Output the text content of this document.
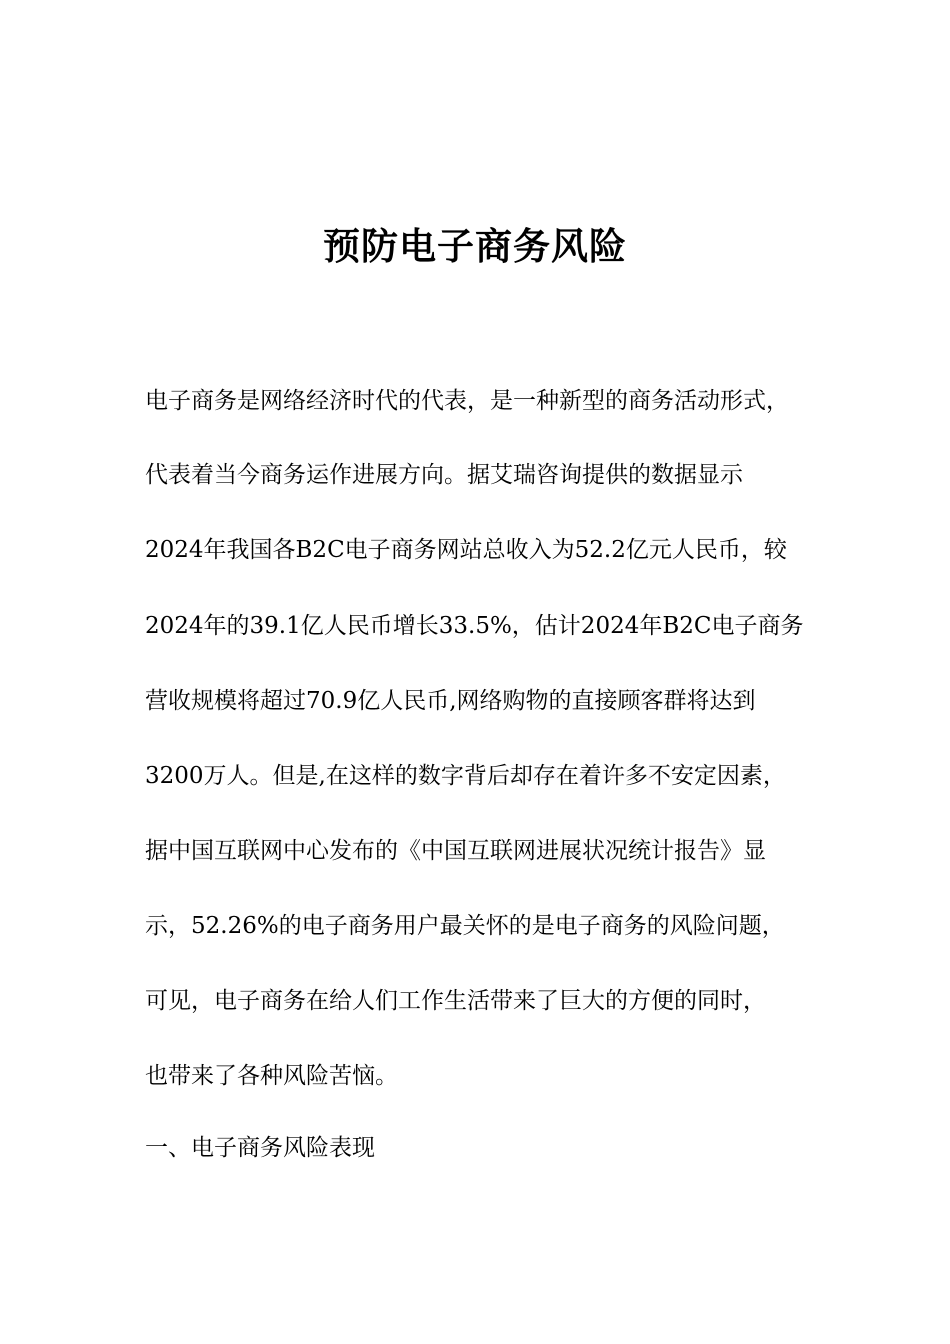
预防电子商务风险
电子商务是网络经济时代的代表，是一种新型的商务活动形式，
代表着当今商务运作进展方向。据艾瑞咨询提供的数据显示
2024年我国各B2C电子商务网站总收入为52.2亿元人民币，较
2024年的39.1亿人民币增长33.5%，估计2024年B2C电子商务
营收规模将超过70.9亿人民币,网络购物的直接顾客群将达到
3200万人。但是,在这样的数字背后却存在着许多不安定因素，
据中国互联网中心发布的《中国互联网进展状况统计报告》显
示，52.26%的电子商务用户最关怀的是电子商务的风险问题，
可见，电子商务在给人们工作生活带来了巨大的方便的同时，
也带来了各种风险苦恼。
一、电子商务风险表现
